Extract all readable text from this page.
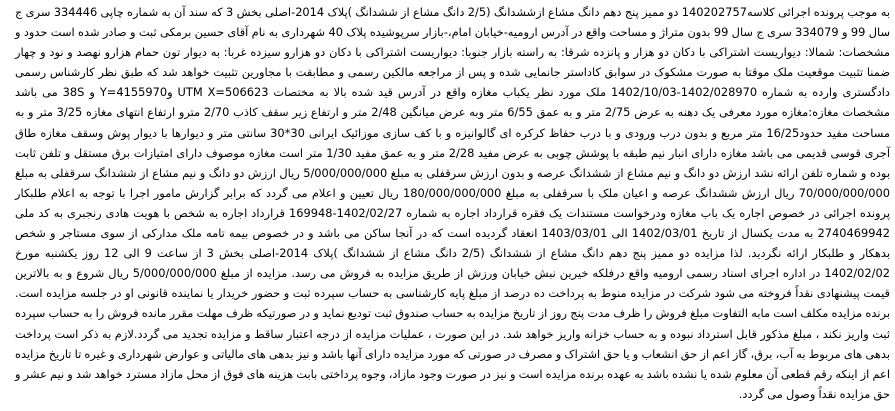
به موجب پرونده اجرائی کلاسه140202757 دو ممیز پنج دهم دانگ مشاع ازششدانگ (2/5 دانگ مشاع از ششدانگ )پلاک 2014-اصلی بخش 3 که سند آن به شماره چاپی 334446 سری ج سال 99 و 334079 سری ج سال 99 بدون متراژ و مساحت واقع در آدرس ارومیه-خیابان امام،-بازار سرپوشیده پلاک 40 شهرداری به نام آقای حسین برمکی ثبت و صادر شده است حدود و مشخصات: شمالا: دیواریست اشتراکی با دکان دو هزار و پانزده شرقا: به راسته بازار جنوبا: دیواریست اشتراکی با دکان دو هزارو سیزده غربا: به دیوار تون حمام هزارو نهصد و نود و چهار ضمنا تثبیت موقعیت ملک موقتا به صورت مشکوک در سوابق کاداستر جانمایی شده و پس از مراجعه مالکین رسمی و مطابقت با مجاورین تثبیت خواهد شد که طبق نظر کارشناس رسمی دادگستری وارده به شماره 1402/028970-1402/10/03 ملک مورد نظر یکباب مغازه واقع در آدرس قید شده بالا به مختصات UTM X=506623 و4155970=Y و 38S می باشد مشخصات مغازه:مغازه مورد معرفی یک دهنه به عرض 2/75 متر و به عمق 6/55 متر وبه عرض میانگین 2/48 متر و ارتفاع زیر سقف کاذب 2/70 مترو ارتفاع انتهای مغازه 3/25 متر و به مساحت مفید حدود16/25 متر مربع و بدون درب ورودی و با درب حفاظ کرکره ای گالوانیزه و با کف سازی موزائیک ایرانی 30*30 سانتی متر و دیوارها با دیوار پوش وسقف مغازه طاق آجری قوسی قدیمی می باشد مغازه دارای انبار نیم طبقه با پوشش چوبی به عرض مفید 2/28 متر و به عمق مفید 1/30 متر است مغازه موصوف دارای امتیازات برق مستقل و تلفن ثابت بوده و شماره تلفن ارائه نشد ارزش دو دانگ و نیم مشاع از ششدانگ عرصه و بدون ارزش سرقفلی به مبلغ 5/000/000/000 ریال ارزش دو دانگ و نیم مشاع از ششدانگ سرقفلی به مبلغ 70/000/000/000 ریال ارزش ششدانگ عرصه و اعیان ملک با سرقفلی به مبلغ 180/000/000/000 ریال تعیین و اعلام می گردد که برابر گزارش مامور اجرا با توجه به اعلام طلبکار پرونده اجرائی در خصوص اجاره یک باب مغازه ودرخواست مستندات یک فقره قرارداد اجاره به شماره 1402/02/27-169948 قرارداد اجاره به شخص با هویت هادی رنجبری به کد ملی 2740469942 به مدت یکسال از تاریخ 1402/03/01 الی 1403/03/01 انعقاد گردیده است که در آنجا ساکن می باشد و در خصوص بیمه تامه ملک مدارکی از سوی مستاجر و شخص بدهکار و طلبکار ارائه نگردید. لذا مزایده دو ممیز پنج دهم دانگ مشاع از ششدانگ (2/5 دانگ مشاع از ششدانگ )پلاک 2014-اصلی بخش 3 از ساعت 9 الی 12 روز یکشنبه مورخ 1402/02/02 در اداره اجرای اسناد رسمی ارومیه واقع درفلکه خیرین نبش خیابان ورزش از طریق مزایده به فروش می رسد. مزایده از مبلغ 5/000/000/000 ریال شروع و به بالاترین قیمت پیشنهادی نقداً فروخته می شود شرکت در مزایده منوط به پرداخت ده درصد از مبلغ پایه کارشناسی به حساب سپرده ثبت و حضور خریدار یا نماینده قانونی او در جلسه مزایده است. برنده مزایده مکلف است مابه التفاوت مبلغ فروش را ظرف مدت پنج روز از تاریخ مزایده به حساب صندوق ثبت تودیع نماید و در صورتیکه ظرف مهلت مقرر مانده فروش را به حساب سپرده ثبت واریز نکند ، مبلغ مذکور قابل استرداد نبوده و به حساب خزانه واریز خواهد شد. در این صورت ، عملیات مزایده از درجه اعتبار ساقط و مزایده تجدید می گردد.لازم به ذکر است پرداخت بدهی های مربوط به آب، برق، گاز اعم از حق انشعاب و یا حق اشتراک و مصرف در صورتی که مورد مزایده دارای آنها باشد و نیز بدهی های مالیاتی و عوارض شهرداری و غیره تا تاریخ مزایده اعم از اینکه رقم قطعی آن معلوم شده یا نشده باشد به عهده برنده مزایده است و نیز در صورت وجود مازاد، وجوه پرداختی بابت هزینه های فوق از محل مازاد مسترد خواهد شد و نیم عشر و حق مزایده نقداً وصول می گردد.
